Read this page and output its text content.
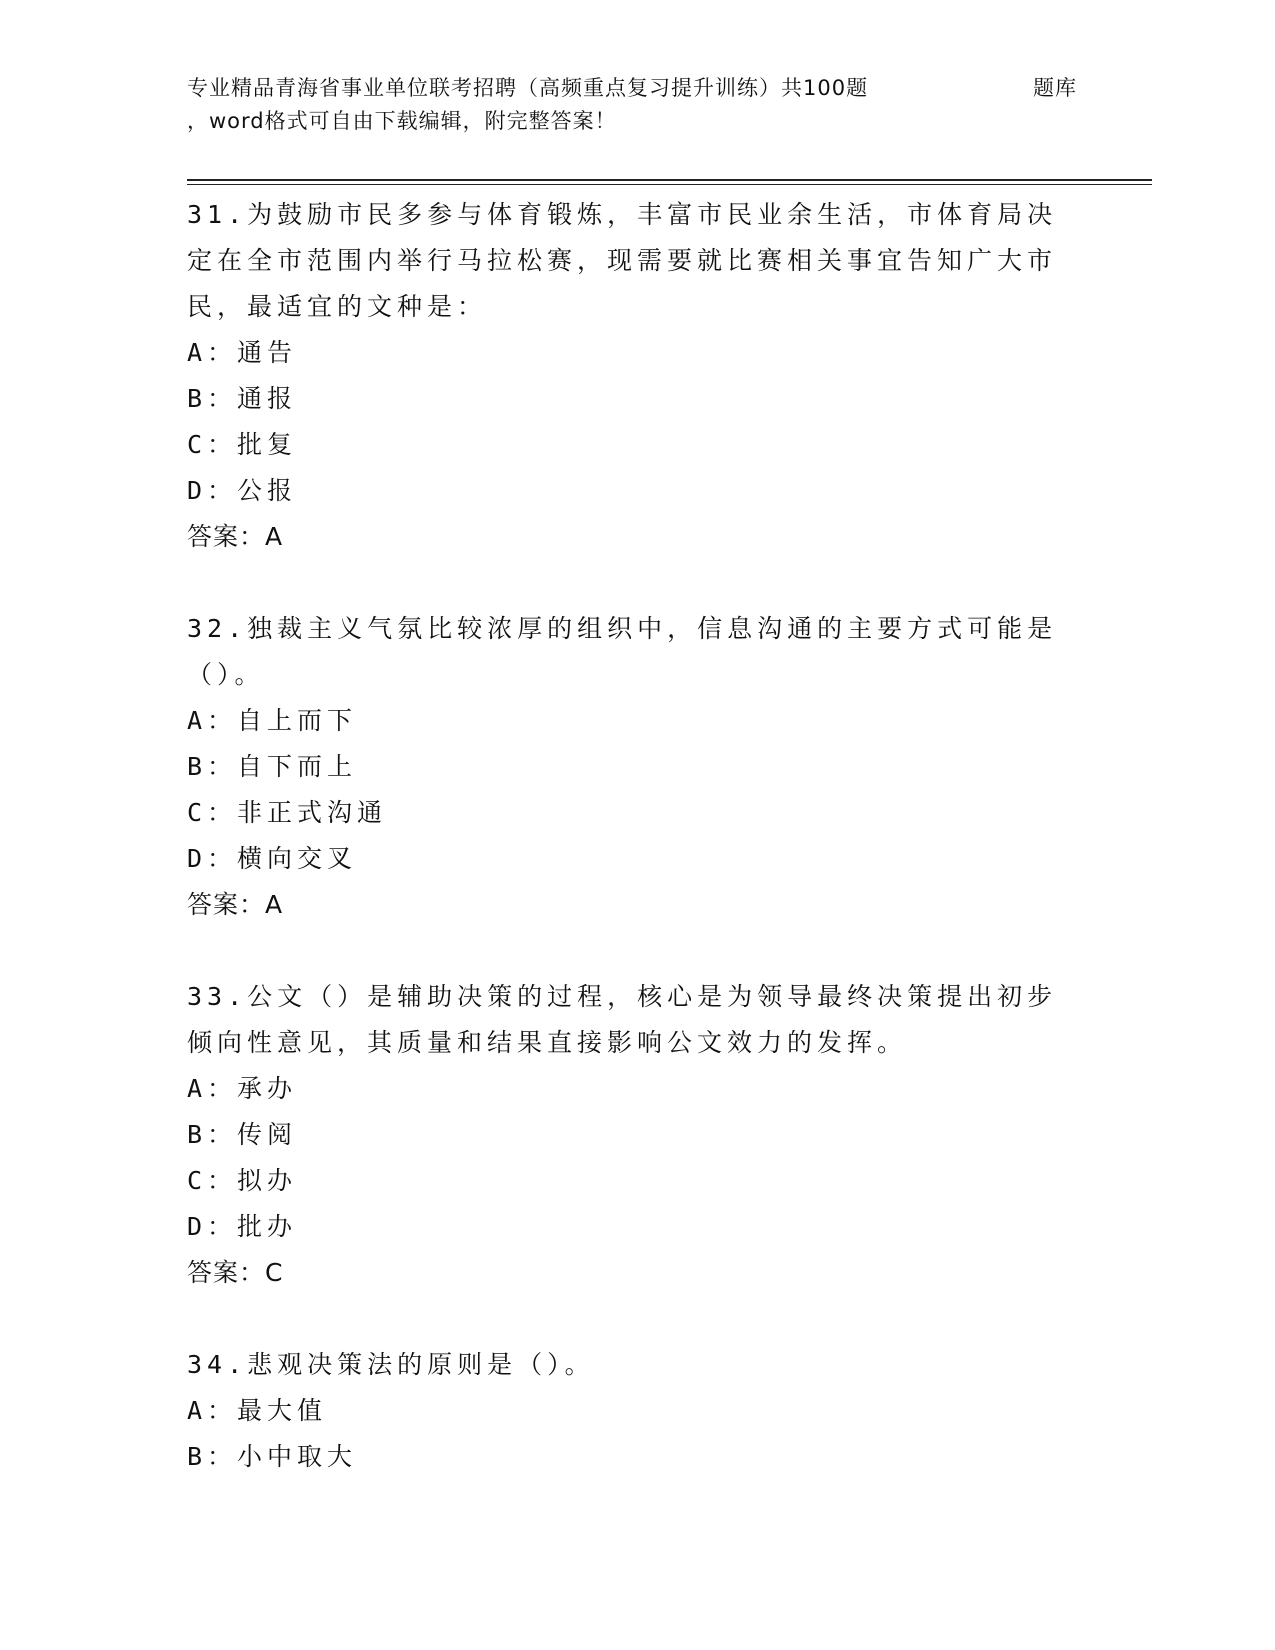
专业精品青海省事业单位联考招聘（高频重点复习提升训练）共100题	题库
，word格式可自由下载编辑，附完整答案！

31.为鼓励市民多参与体育锻炼，丰富市民业余生活，市体育局决定在全市范围内举行马拉松赛，现需要就比赛相关事宜告知广大市民，最适宜的文种是：

A：通告
B：通报
C：批复
D：公报
答案：A

32.独裁主义气氛比较浓厚的组织中，信息沟通的主要方式可能是（）。

A：自上而下
B：自下而上
C：非正式沟通
D：横向交叉
答案：A

33.公文（）是辅助决策的过程，核心是为领导最终决策提出初步倾向性意见，其质量和结果直接影响公文效力的发挥。

A：承办
B：传阅
C：拟办
D：批办
答案：C

34.悲观决策法的原则是（）。

A：最大值
B：小中取大
